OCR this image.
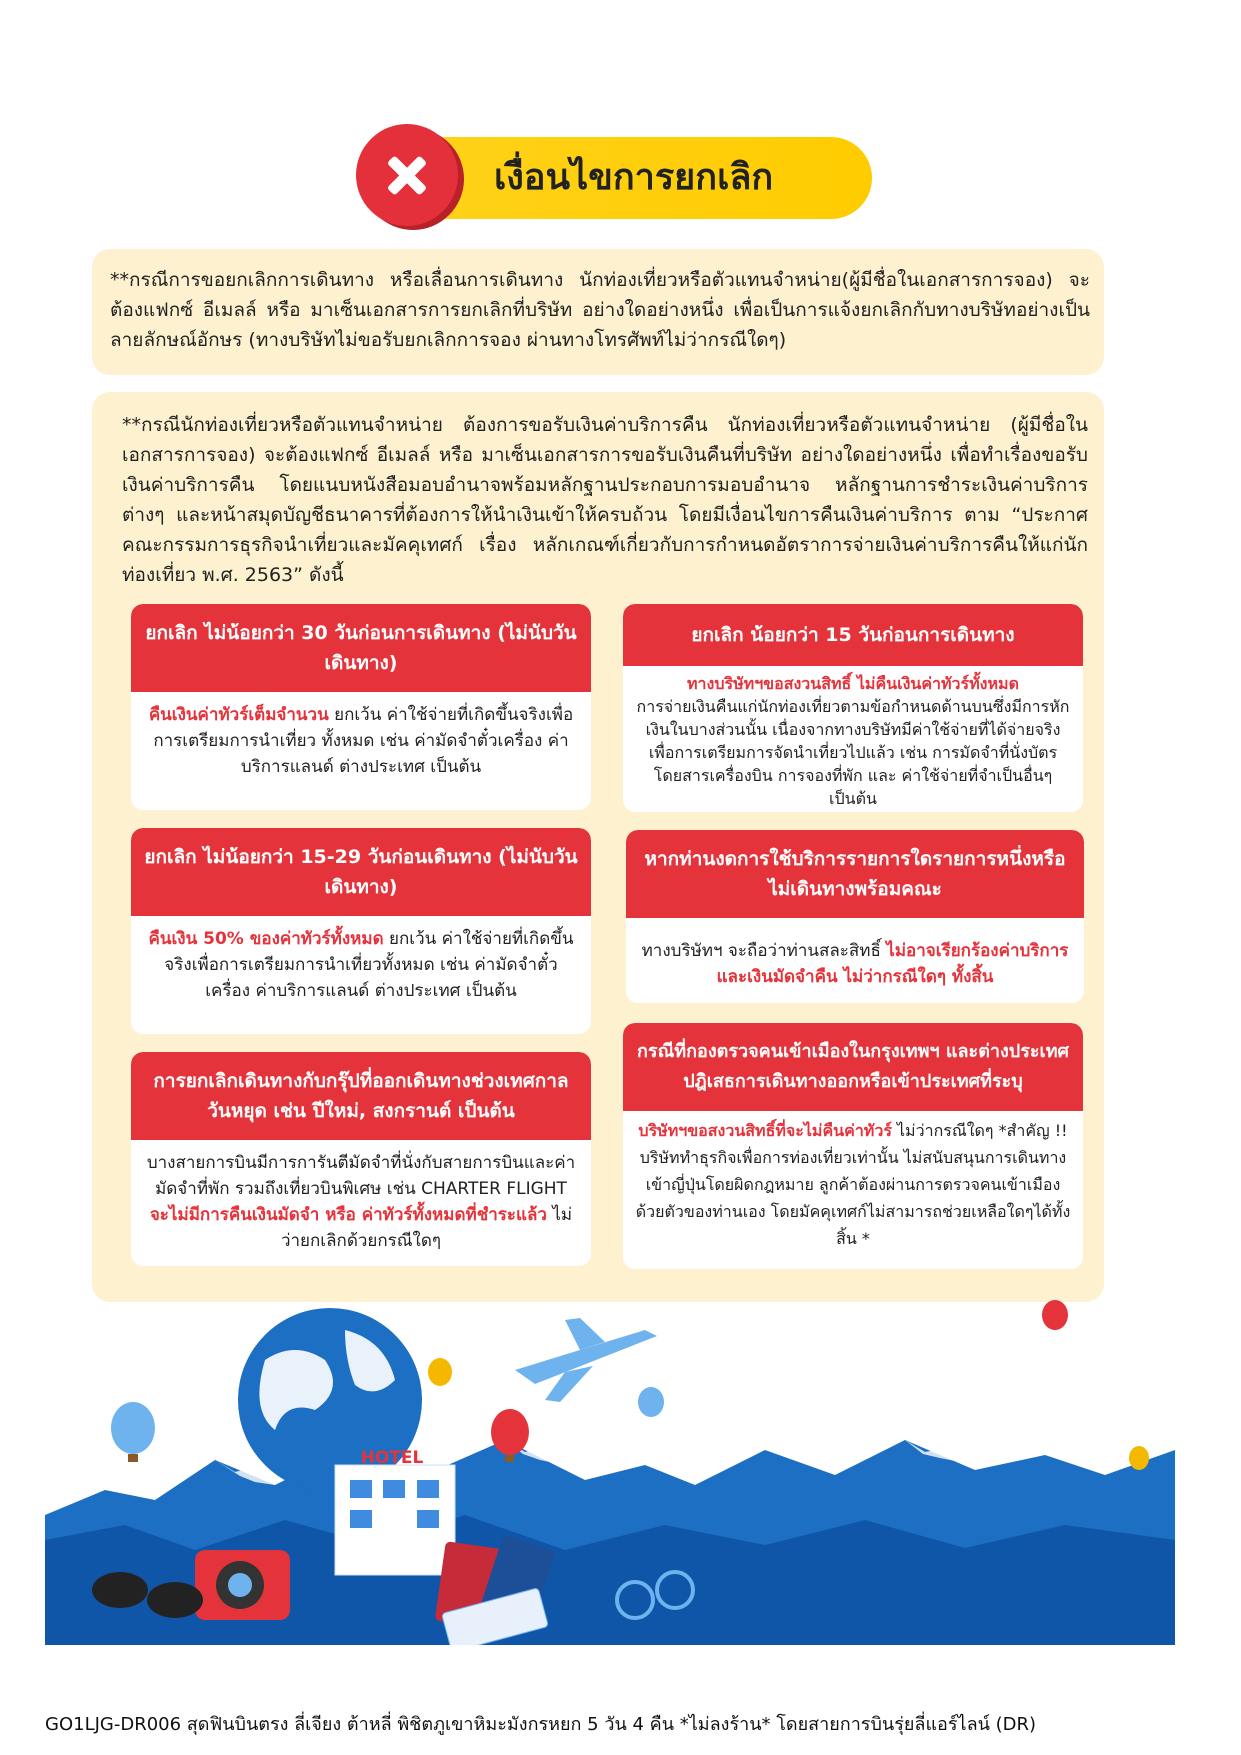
เงื่อนไขการยกเลิก
**กรณีการขอยกเลิกการเดินทาง หรือเลื่อนการเดินทาง นักท่องเที่ยวหรือตัวแทนจำหน่าย(ผู้มีชื่อในเอกสารการจอง) จะต้องแฟกซ์ อีเมลล์ หรือ มาเซ็นเอกสารการยกเลิกที่บริษัท อย่างใดอย่างหนึ่ง เพื่อเป็นการแจ้งยกเลิกกับทางบริษัทอย่างเป็นลายลักษณ์อักษร (ทางบริษัทไม่ขอรับยกเลิกการจอง ผ่านทางโทรศัพท์ไม่ว่ากรณีใดๆ)
**กรณีนักท่องเที่ยวหรือตัวแทนจำหน่าย ต้องการขอรับเงินค่าบริการคืน นักท่องเที่ยวหรือตัวแทนจำหน่าย (ผู้มีชื่อในเอกสารการจอง) จะต้องแฟกซ์ อีเมลล์ หรือ มาเซ็นเอกสารการขอรับเงินคืนที่บริษัท อย่างใดอย่างหนึ่ง เพื่อทำเรื่องขอรับเงินค่าบริการคืน โดยแนบหนังสือมอบอำนาจพร้อมหลักฐานประกอบการมอบอำนาจ หลักฐานการชำระเงินค่าบริการต่างๆ และหน้าสมุดบัญชีธนาคารที่ต้องการให้นำเงินเข้าให้ครบถ้วน โดยมีเงื่อนไขการคืนเงินค่าบริการ ตาม “ประกาศคณะกรรมการธุรกิจนำเที่ยวและมัคคุเทศก์ เรื่อง หลักเกณฑ์เกี่ยวกับการกำหนดอัตราการจ่ายเงินค่าบริการคืนให้แก่นักท่องเที่ยว พ.ศ. 2563” ดังนี้
ยกเลิก ไม่น้อยกว่า 30 วันก่อนการเดินทาง (ไม่นับวันเดินทาง)
คืนเงินค่าทัวร์เต็มจำนวน ยกเว้น ค่าใช้จ่ายที่เกิดขึ้นจริงเพื่อการเตรียมการนำเที่ยว ทั้งหมด เช่น ค่ามัดจำตั๋วเครื่อง ค่าบริการแลนด์ ต่างประเทศ เป็นต้น
ยกเลิก น้อยกว่า 15 วันก่อนการเดินทาง
ทางบริษัทฯขอสงวนสิทธิ์ ไม่คืนเงินค่าทัวร์ทั้งหมด
การจ่ายเงินคืนแก่นักท่องเที่ยวตามข้อกำหนดด้านบนซึ่งมีการหักเงินในบางส่วนนั้น เนื่องจากทางบริษัทมีค่าใช้จ่ายที่ได้จ่ายจริงเพื่อการเตรียมการจัดนำเที่ยวไปแล้ว เช่น การมัดจำที่นั่งบัตรโดยสารเครื่องบิน การจองที่พัก และ ค่าใช้จ่ายที่จำเป็นอื่นๆ เป็นต้น
ยกเลิก ไม่น้อยกว่า 15-29 วันก่อนเดินทาง (ไม่นับวันเดินทาง)
คืนเงิน 50% ของค่าทัวร์ทั้งหมด ยกเว้น ค่าใช้จ่ายที่เกิดขึ้นจริงเพื่อการเตรียมการนำเที่ยวทั้งหมด เช่น ค่ามัดจำตั๋วเครื่อง ค่าบริการแลนด์ ต่างประเทศ เป็นต้น
หากท่านงดการใช้บริการรายการใดรายการหนึ่งหรือไม่เดินทางพร้อมคณะ
ทางบริษัทฯ จะถือว่าท่านสละสิทธิ์ ไม่อาจเรียกร้องค่าบริการและเงินมัดจำคืน ไม่ว่ากรณีใดๆ ทั้งสิ้น
การยกเลิกเดินทางกับกรุ๊ปที่ออกเดินทางช่วงเทศกาลวันหยุด เช่น ปีใหม่, สงกรานต์ เป็นต้น
บางสายการบินมีการการันตีมัดจำที่นั่งกับสายการบินและค่ามัดจำที่พัก รวมถึงเที่ยวบินพิเศษ เช่น CHARTER FLIGHT จะไม่มีการคืนเงินมัดจำ หรือ ค่าทัวร์ทั้งหมดที่ชำระแล้ว ไม่ว่ายกเลิกด้วยกรณีใดๆ
กรณีที่กองตรวจคนเข้าเมืองในกรุงเทพฯ และต่างประเทศปฎิเสธการเดินทางออกหรือเข้าประเทศที่ระบุ
บริษัทฯขอสงวนสิทธิ์ที่จะไม่คืนค่าทัวร์ ไม่ว่ากรณีใดๆ *สำคัญ !! บริษัททำธุรกิจเพื่อการท่องเที่ยวเท่านั้น ไม่สนับสนุนการเดินทางเข้าญี่ปุ่นโดยผิดกฎหมาย ลูกค้าต้องผ่านการตรวจคนเข้าเมืองด้วยตัวของท่านเอง โดยมัคคุเทศก์ไม่สามารถช่วยเหลือใดๆได้ทั้งสิ้น *
HOTEL
GO1LJG-DR006 สุดฟินบินตรง ลี่เจียง ต้าหลี่ พิชิตภูเขาหิมะมังกรหยก 5 วัน 4 คืน *ไม่ลงร้าน* โดยสายการบินรุ่ยลี่แอร์ไลน์ (DR)
